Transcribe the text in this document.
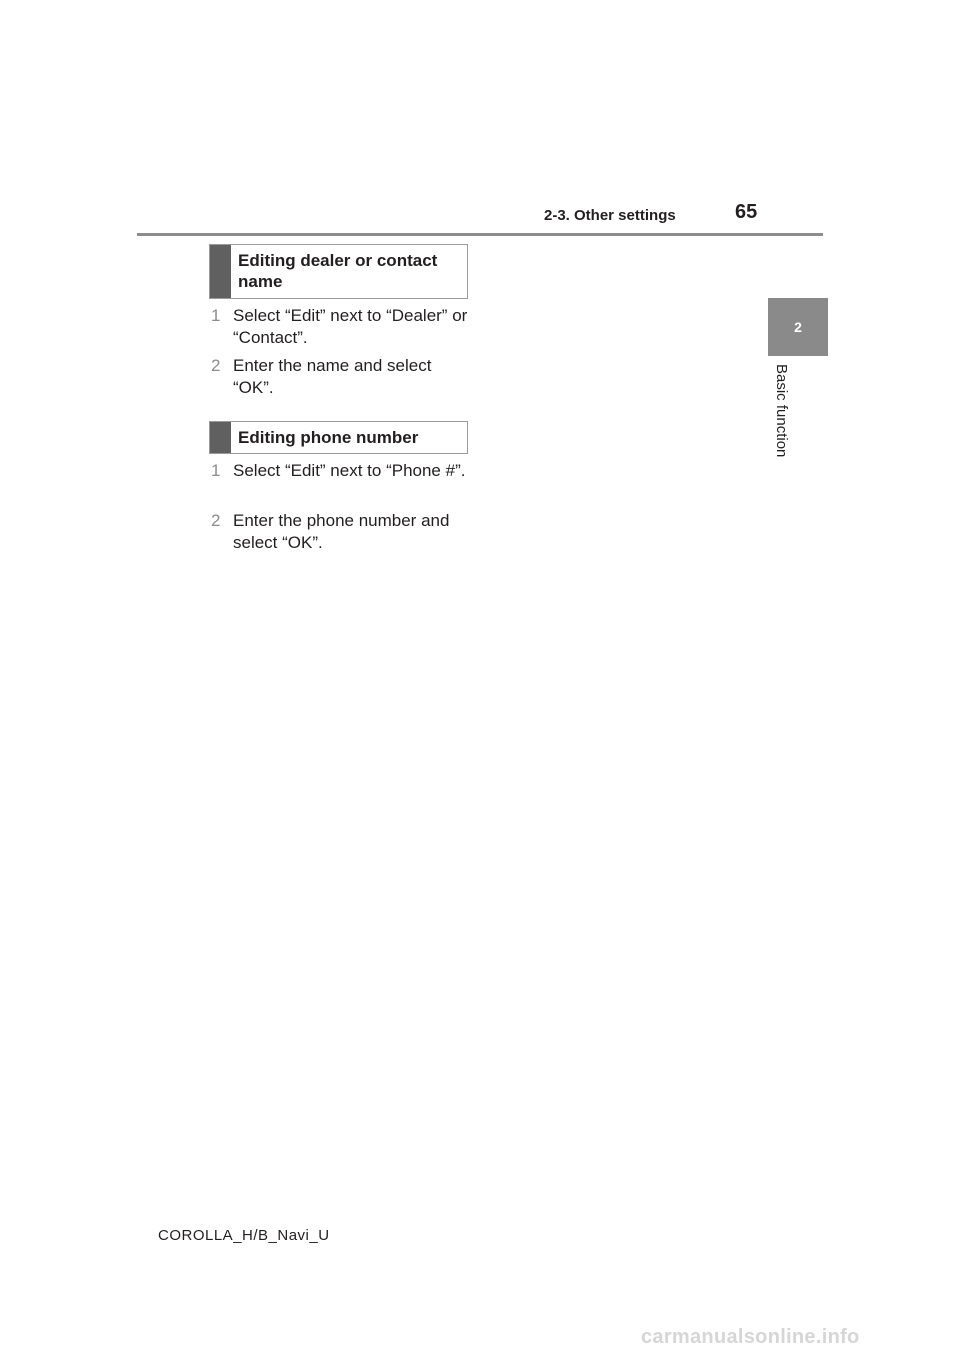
2-3. Other settings	65
2
Basic function
Editing dealer or contact name
1 Select “Edit” next to “Dealer” or “Contact”.
2 Enter the name and select “OK”.
Editing phone number
1 Select “Edit” next to “Phone #”.
2 Enter the phone number and select “OK”.
COROLLA_H/B_Navi_U
carmanualsonline.info
